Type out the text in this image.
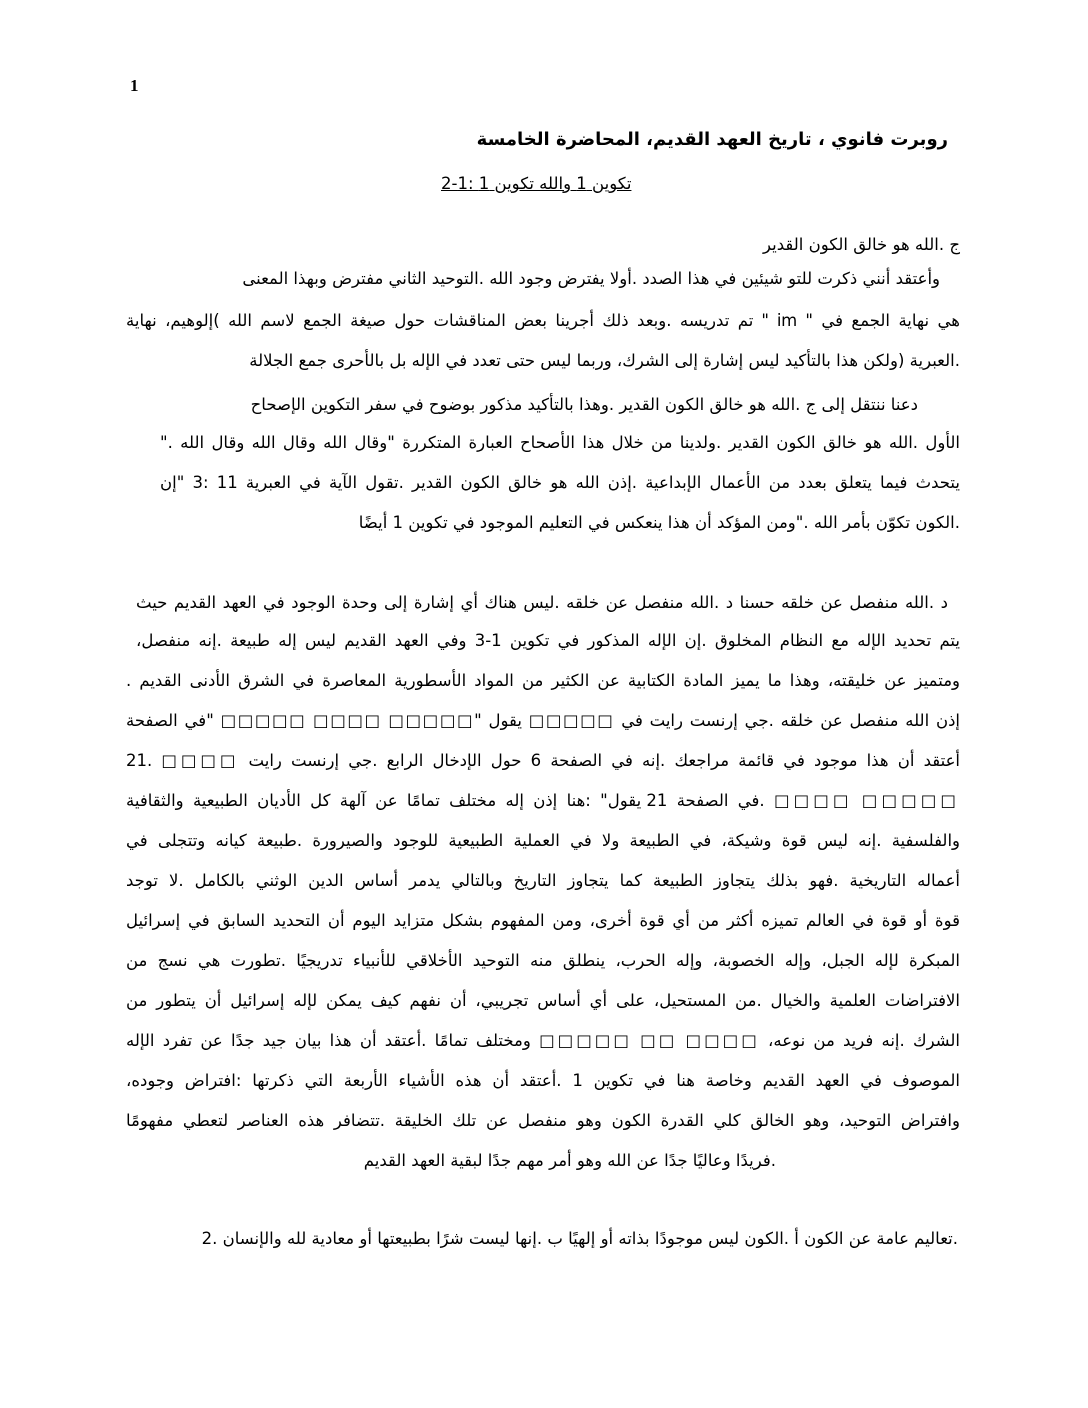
1
روبرت فانوي ، تاريخ العهد القديم، المحاضرة الخامسة
تكوين 1 والله تكوين 1 :1-2
ج .الله هو خالق الكون القدير
وأعتقد أنني ذكرت للتو شيئين في هذا الصدد .أولا يفترض وجود الله .التوحيد الثاني مفترض وبهذا المعنى
هي نهاية الجمع في " im " تم تدريسه .وبعد ذلك أجرينا بعض المناقشات حول صيغة الجمع لاسم الله )إلوهيم، نهاية
.العبرية (ولكن هذا بالتأكيد ليس إشارة إلى الشرك، وربما ليس حتى تعدد في الإله بل بالأحرى جمع الجلالة
دعنا ننتقل إلى ج .الله هو خالق الكون القدير .وهذا بالتأكيد مذكور بوضوح في سفر التكوين الإصحاح
الأول .الله هو خالق الكون القدير .ولدينا من خلال هذا الأصحاح العبارة المتكررة "وقال الله وقال الله وقال الله ."
يتحدث فيما يتعلق بعدد من الأعمال الإبداعية .إذن الله هو خالق الكون القدير .تقول الآية في العبرية 11 :3 "إن
.الكون تكوّن بأمر الله ."ومن المؤكد أن هذا ينعكس في التعليم الموجود في تكوين 1 أيضًا
د .الله منفصل عن خلقه حسنا د .الله منفصل عن خلقه .ليس هناك أي إشارة إلى وحدة الوجود في العهد القديم حيث
يتم تحديد الإله مع النظام المخلوق .إن الإله المذكور في تكوين 1-3 وفي العهد القديم ليس إله طبيعة .إنه منفصل،
ومتميز عن خليقته، وهذا ما يميز المادة الكتابية عن الكثير من المواد الأسطورية المعاصرة في الشرق الأدنى القديم .
إذن الله منفصل عن خلقه .جي إرنست رايت في □□□□□ يقول "□□□□□ □□□□ □□□□□ "في الصفحة
أعتقد أن هذا موجود في قائمة مراجعك .إنه في الصفحة 6 حول الإدخال الرابع .جي إرنست رايت □□□□ .21
□□□□□ □□□□ .في الصفحة 21 يقول" :هنا إذن إله مختلف تمامًا عن آلهة كل الأديان الطبيعية والثقافية
والفلسفية .إنه ليس قوة وشيكة، في الطبيعة ولا في العملية الطبيعية للوجود والصيرورة .طبيعة كيانه وتتجلى في
أعماله التاريخية .فهو بذلك يتجاوز الطبيعة كما يتجاوز التاريخ وبالتالي يدمر أساس الدين الوثني بالكامل .لا توجد
قوة أو قوة في العالم تميزه أكثر من أي قوة أخرى، ومن المفهوم بشكل متزايد اليوم أن التحديد السابق في إسرائيل
المبكرة لإله الجبل، وإله الخصوبة، وإله الحرب، ينطلق منه التوحيد الأخلاقي للأنبياء تدريجيًا .تطورت هي نسج من
الافتراضات العلمية والخيال .من المستحيل، على أي أساس تجريبي، أن نفهم كيف يمكن لإله إسرائيل أن يتطور من
الشرك .إنه فريد من نوعه، □□□□ □□ □□□□□ ومختلف تمامًا .أعتقد أن هذا بيان جيد جدًا عن تفرد الإله
الموصوف في العهد القديم وخاصة هنا في تكوين 1 .أعتقد أن هذه الأشياء الأربعة التي ذكرتها :افتراض وجوده،
وافتراض التوحيد، وهو الخالق كلي القدرة الكون وهو منفصل عن تلك الخليقة .تتضافر هذه العناصر لتعطي مفهومًا
.فريدًا وعاليًا جدًا عن الله وهو أمر مهم جدًا لبقية العهد القديم
.تعاليم عامة عن الكون أ .الكون ليس موجودًا بذاته أو إلهيًا ب .إنها ليست شرًا بطبيعتها أو معادية لله والإنسان .2
